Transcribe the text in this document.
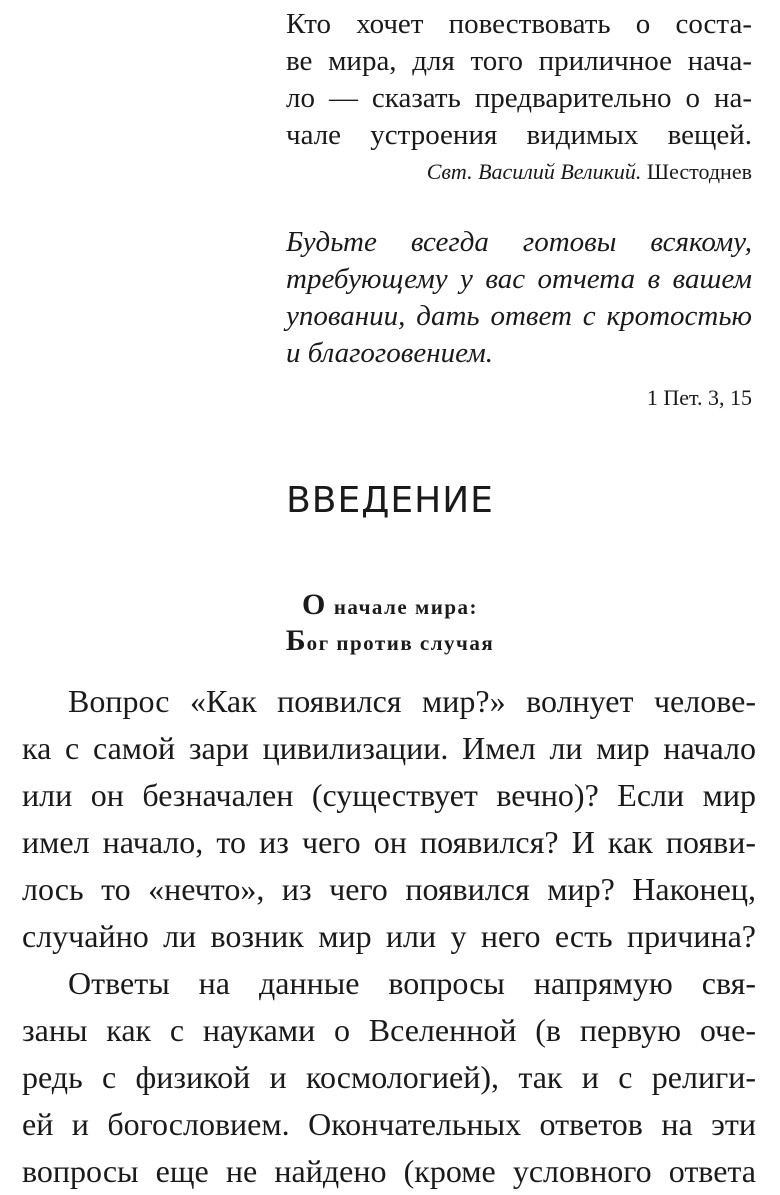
Кто хочет повествовать о соста-
ве мира, для того приличное нача-
ло — сказать предварительно о на-
чале устроения видимых вещей.
Свт. Василий Великий. Шестоднев
Будьте всегда готовы всякому,
требующему у вас отчета в вашем
уповании, дать ответ с кротостью
и благоговением.
1 Пет. 3, 15
ВВЕДЕНИЕ
О начале мира:
Бог против случая
Вопрос «Как появился мир?» волнует челове-
ка с самой зари цивилизации. Имел ли мир начало
или он безначален (существует вечно)? Если мир
имел начало, то из чего он появился? И как появи-
лось то «нечто», из чего появился мир? Наконец,
случайно ли возник мир или у него есть причина?
Ответы на данные вопросы напрямую свя-
заны как с науками о Вселенной (в первую оче-
редь с физикой и космологией), так и с религи-
ей и богословием. Окончательных ответов на эти
вопросы еще не найдено (кроме условного ответа
